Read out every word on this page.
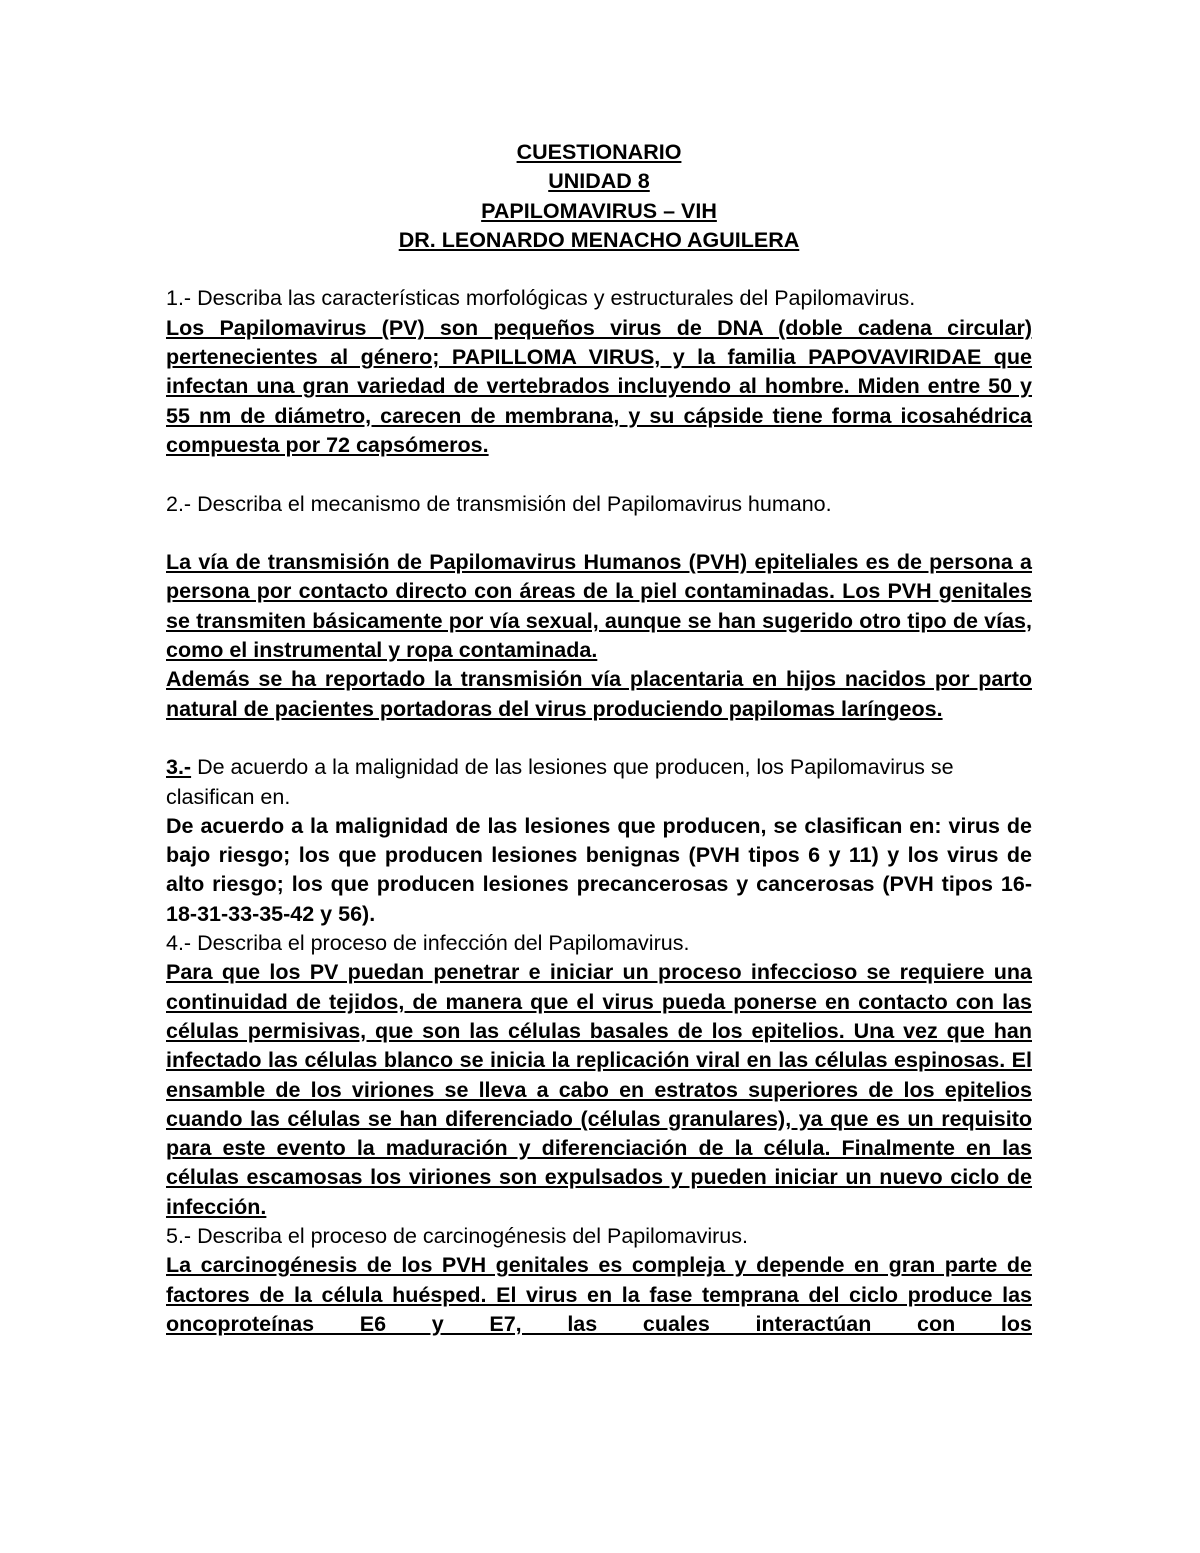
CUESTIONARIO
UNIDAD 8
PAPILOMAVIRUS – VIH
DR. LEONARDO MENACHO AGUILERA

1.- Describa las características morfológicas y estructurales del Papilomavirus.

Los Papilomavirus (PV) son pequeños virus de DNA (doble cadena circular) pertenecientes al género; PAPILLOMA VIRUS, y la familia PAPOVAVIRIDAE que infectan una gran variedad de vertebrados incluyendo al hombre. Miden entre 50 y 55 nm de diámetro, carecen de membrana, y su cápside tiene forma icosahédrica compuesta por 72 capsómeros.

2.- Describa el mecanismo de transmisión del Papilomavirus humano.

La vía de transmisión de Papilomavirus Humanos (PVH) epiteliales es de persona a persona por contacto directo con áreas de la piel contaminadas. Los PVH genitales se transmiten básicamente por vía sexual, aunque se han sugerido otro tipo de vías, como el instrumental y ropa contaminada.

Además se ha reportado la transmisión vía placentaria en hijos nacidos por parto natural de pacientes portadoras del virus produciendo papilomas laríngeos.

3.- De acuerdo a la malignidad de las lesiones que producen, los Papilomavirus se clasifican en.

De acuerdo a la malignidad de las lesiones que producen, se clasifican en: virus de bajo riesgo; los que producen lesiones benignas (PVH tipos 6 y 11) y los virus de alto riesgo; los que producen lesiones precancerosas y cancerosas (PVH tipos 16-18-31-33-35-42 y 56).

4.- Describa el proceso de infección del Papilomavirus.

Para que los PV puedan penetrar e iniciar un proceso infeccioso se requiere una continuidad de tejidos, de manera que el virus pueda ponerse en contacto con las células permisivas, que son las células basales de los epitelios. Una vez que han infectado las células blanco se inicia la replicación viral en las células espinosas. El ensamble de los viriones se lleva a cabo en estratos superiores de los epitelios cuando las células se han diferenciado (células granulares), ya que es un requisito para este evento la maduración y diferenciación de la célula. Finalmente en las células escamosas los viriones son expulsados y pueden iniciar un nuevo ciclo de infección.

5.- Describa el proceso de carcinogénesis del Papilomavirus.

La carcinogénesis de los PVH genitales es compleja y depende en gran parte de factores de la célula huésped. El virus en la fase temprana del ciclo produce las oncoproteínas E6 y E7, las cuales interactúan con los
